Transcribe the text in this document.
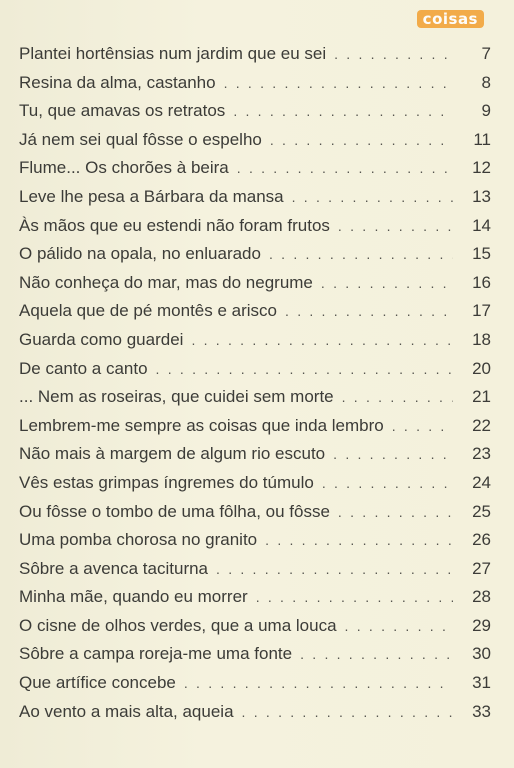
coisas
Plantei hortênsias num jardim que eu sei . . .	7
Resina da alma, castanho . . .	8
Tu, que amavas os retratos . . .	9
Já nem sei qual fôsse o espelho . . .	11
Flume... Os chorões à beira . . .	12
Leve lhe pesa a Bárbara da mansa . . .	13
Às mãos que eu estendi não foram frutos . . .	14
O pálido na opala, no enluarado . . .	15
Não conheça do mar, mas do negrume . . .	16
Aquela que de pé montês e arisco . . .	17
Guarda como guardei . . .	18
De canto a canto . . .	20
... Nem as roseiras, que cuidei sem morte . . .	21
Lembrem-me sempre as coisas que inda lembro . . .	22
Não mais à margem de algum rio escuto . . .	23
Vês estas grimpas íngremes do túmulo . . .	24
Ou fôsse o tombo de uma fôlha, ou fôsse . . .	25
Uma pomba chorosa no granito . . .	26
Sôbre a avenca taciturna . . .	27
Minha mãe, quando eu morrer . . .	28
O cisne de olhos verdes, que a uma louca . . .	29
Sôbre a campa roreja-me uma fonte . . .	30
Que artífice concebe . . .	31
Ao vento a mais alta, aqueia . . .	33
